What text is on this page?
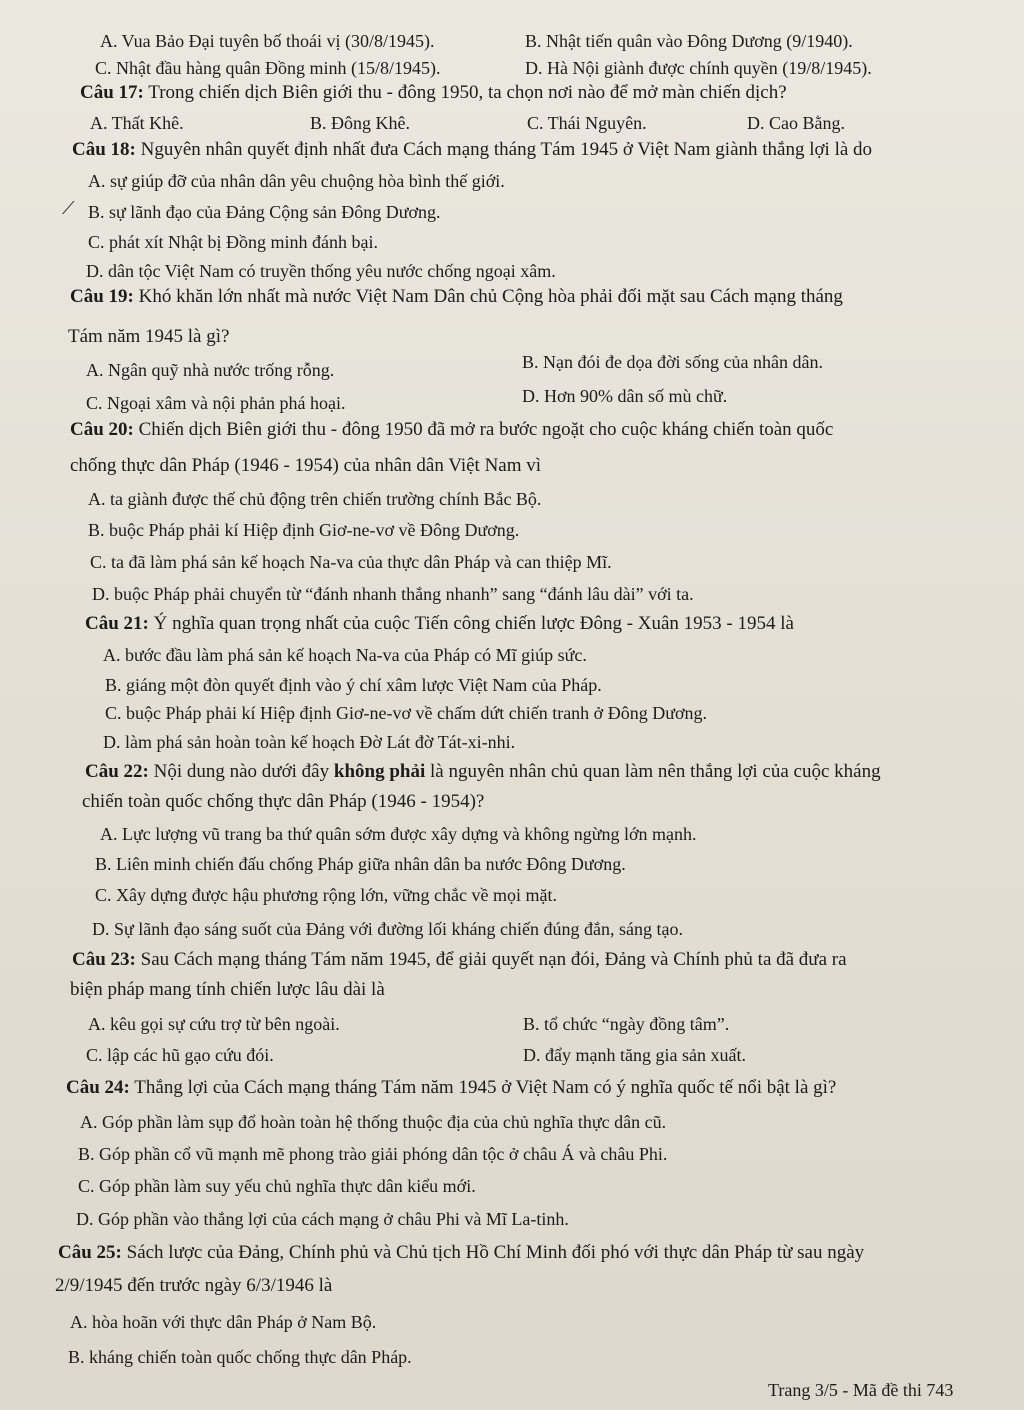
A. Vua Bảo Đại tuyên bố thoái vị (30/8/1945).	B. Nhật tiến quân vào Đông Dương (9/1940).
C. Nhật đầu hàng quân Đồng minh (15/8/1945).	D. Hà Nội giành được chính quyền (19/8/1945).
Câu 17: Trong chiến dịch Biên giới thu - đông 1950, ta chọn nơi nào để mở màn chiến dịch?
A. Thất Khê.	B. Đông Khê.	C. Thái Nguyên.	D. Cao Bằng.
Câu 18: Nguyên nhân quyết định nhất đưa Cách mạng tháng Tám 1945 ở Việt Nam giành thắng lợi là do
A. sự giúp đỡ của nhân dân yêu chuộng hòa bình thế giới.
⟋ B. sự lãnh đạo của Đảng Cộng sản Đông Dương.
C. phát xít Nhật bị Đồng minh đánh bại.
D. dân tộc Việt Nam có truyền thống yêu nước chống ngoại xâm.
Câu 19: Khó khăn lớn nhất mà nước Việt Nam Dân chủ Cộng hòa phải đối mặt sau Cách mạng tháng
Tám năm 1945 là gì?
A. Ngân quỹ nhà nước trống rỗng.	B. Nạn đói đe dọa đời sống của nhân dân.
C. Ngoại xâm và nội phản phá hoại.	D. Hơn 90% dân số mù chữ.
Câu 20: Chiến dịch Biên giới thu - đông 1950 đã mở ra bước ngoặt cho cuộc kháng chiến toàn quốc
chống thực dân Pháp (1946 - 1954) của nhân dân Việt Nam vì
A. ta giành được thế chủ động trên chiến trường chính Bắc Bộ.
B. buộc Pháp phải kí Hiệp định Giơ-ne-vơ về Đông Dương.
C. ta đã làm phá sản kế hoạch Na-va của thực dân Pháp và can thiệp Mĩ.
D. buộc Pháp phải chuyển từ “đánh nhanh thắng nhanh” sang “đánh lâu dài” với ta.
Câu 21: Ý nghĩa quan trọng nhất của cuộc Tiến công chiến lược Đông - Xuân 1953 - 1954 là
A. bước đầu làm phá sản kế hoạch Na-va của Pháp có Mĩ giúp sức.
B. giáng một đòn quyết định vào ý chí xâm lược Việt Nam của Pháp.
C. buộc Pháp phải kí Hiệp định Giơ-ne-vơ về chấm dứt chiến tranh ở Đông Dương.
D. làm phá sản hoàn toàn kế hoạch Đờ Lát đờ Tát-xi-nhi.
Câu 22: Nội dung nào dưới đây không phải là nguyên nhân chủ quan làm nên thắng lợi của cuộc kháng
chiến toàn quốc chống thực dân Pháp (1946 - 1954)?
A. Lực lượng vũ trang ba thứ quân sớm được xây dựng và không ngừng lớn mạnh.
B. Liên minh chiến đấu chống Pháp giữa nhân dân ba nước Đông Dương.
C. Xây dựng được hậu phương rộng lớn, vững chắc về mọi mặt.
D. Sự lãnh đạo sáng suốt của Đảng với đường lối kháng chiến đúng đắn, sáng tạo.
Câu 23: Sau Cách mạng tháng Tám năm 1945, để giải quyết nạn đói, Đảng và Chính phủ ta đã đưa ra
biện pháp mang tính chiến lược lâu dài là
A. kêu gọi sự cứu trợ từ bên ngoài.	B. tổ chức “ngày đồng tâm”.
C. lập các hũ gạo cứu đói.	D. đẩy mạnh tăng gia sản xuất.
Câu 24: Thắng lợi của Cách mạng tháng Tám năm 1945 ở Việt Nam có ý nghĩa quốc tế nổi bật là gì?
A. Góp phần làm sụp đổ hoàn toàn hệ thống thuộc địa của chủ nghĩa thực dân cũ.
B. Góp phần cổ vũ mạnh mẽ phong trào giải phóng dân tộc ở châu Á và châu Phi.
C. Góp phần làm suy yếu chủ nghĩa thực dân kiểu mới.
D. Góp phần vào thắng lợi của cách mạng ở châu Phi và Mĩ La-tinh.
Câu 25: Sách lược của Đảng, Chính phủ và Chủ tịch Hồ Chí Minh đối phó với thực dân Pháp từ sau ngày
2/9/1945 đến trước ngày 6/3/1946 là
A. hòa hoãn với thực dân Pháp ở Nam Bộ.
B. kháng chiến toàn quốc chống thực dân Pháp.
Trang 3/5 - Mã đề thi 743
